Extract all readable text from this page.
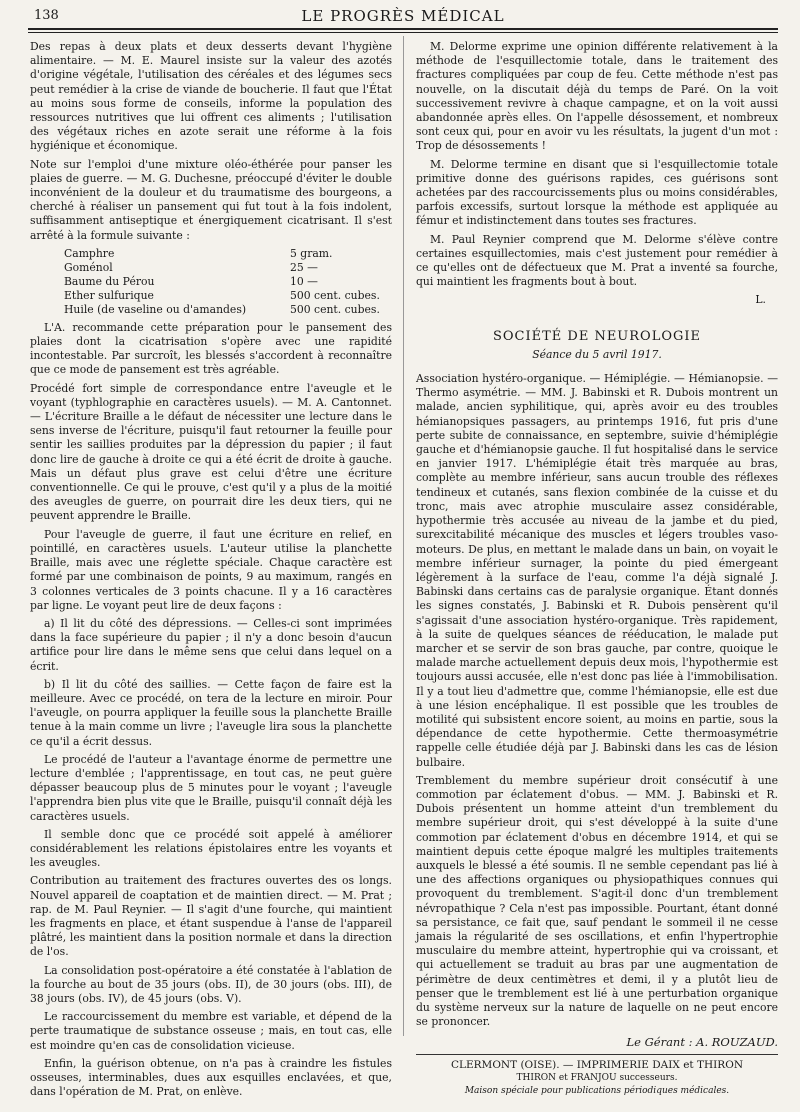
138	LE PROGRÈS MÉDICAL

Des repas à deux plats et deux desserts devant l'hygiène alimentaire. — M. E. Maurel insiste sur la valeur des azotés d'origine végétale, l'utilisation des céréales et des légumes secs peut remédier à la crise de viande de boucherie. Il faut que l'État au moins sous forme de conseils, informe la population des ressources nutritives que lui offrent ces aliments ; l'utilisation des végétaux riches en azote serait une réforme à la fois hygiénique et économique.

Note sur l'emploi d'une mixture oléo-éthérée pour panser les plaies de guerre. — M. G. Duchesne, préoccupé d'éviter le double inconvénient de la douleur et du traumatisme des bourgeons, a cherché à réaliser un pansement qui fut tout à la fois indolent, suffisamment antiseptique et énergiquement cicatrisant. Il s'est arrêté à la formule suivante :

Camphre	5 gram.
Goménol	25 —
Baume du Pérou	10 —
Ether sulfurique	500 cent. cubes.
Huile (de vaseline ou d'amandes)	500 cent. cubes.

L'A. recommande cette préparation pour le pansement des plaies dont la cicatrisation s'opère avec une rapidité incontestable. Par surcroît, les blessés s'accordent à reconnaître que ce mode de pansement est très agréable.

Procédé fort simple de correspondance entre l'aveugle et le voyant (typhlographie en caractères usuels). — M. A. Cantonnet. — L'écriture Braille a le défaut de nécessiter une lecture dans le sens inverse de l'écriture, puisqu'il faut retourner la feuille pour sentir les saillies produites par la dépression du papier ; il faut donc lire de gauche à droite ce qui a été écrit de droite à gauche. Mais un défaut plus grave est celui d'être une écriture conventionnelle. Ce qui le prouve, c'est qu'il y a plus de la moitié des aveugles de guerre, on pourrait dire les deux tiers, qui ne peuvent apprendre le Braille.

Pour l'aveugle de guerre, il faut une écriture en relief, en pointillé, en caractères usuels. L'auteur utilise la planchette Braille, mais avec une réglette spéciale. Chaque caractère est formé par une combinaison de points, 9 au maximum, rangés en 3 colonnes verticales de 3 points chacune. Il y a 16 caractères par ligne. Le voyant peut lire de deux façons :

a) Il lit du côté des dépressions. — Celles-ci sont imprimées dans la face supérieure du papier ; il n'y a donc besoin d'aucun artifice pour lire dans le même sens que celui dans lequel on a écrit.

b) Il lit du côté des saillies. — Cette façon de faire est la meilleure. Avec ce procédé, on tera de la lecture en miroir. Pour l'aveugle, on pourra appliquer la feuille sous la planchette Braille tenue à la main comme un livre ; l'aveugle lira sous la planchette ce qu'il a écrit dessus.

Le procédé de l'auteur a l'avantage énorme de permettre une lecture d'emblée ; l'apprentissage, en tout cas, ne peut guère dépasser beaucoup plus de 5 minutes pour le voyant ; l'aveugle l'apprendra bien plus vite que le Braille, puisqu'il connaît déjà les caractères usuels.

Il semble donc que ce procédé soit appelé à améliorer considérablement les relations épistolaires entre les voyants et les aveugles.

Contribution au traitement des fractures ouvertes des os longs. Nouvel appareil de coaptation et de maintien direct. — M. Prat ; rap. de M. Paul Reynier. — Il s'agit d'une fourche, qui maintient les fragments en place, et étant suspendue à l'anse de l'appareil plâtré, les maintient dans la position normale et dans la direction de l'os.

La consolidation post-opératoire a été constatée à l'ablation de la fourche au bout de 35 jours (obs. II), de 30 jours (obs. III), de 38 jours (obs. IV), de 45 jours (obs. V).

Le raccourcissement du membre est variable, et dépend de la perte traumatique de substance osseuse ; mais, en tout cas, elle est moindre qu'en cas de consolidation vicieuse.

Enfin, la guérison obtenue, on n'a pas à craindre les fistules osseuses, interminables, dues aux esquilles enclavées, et que, dans l'opération de M. Prat, on enlève.

M. Delorme exprime une opinion différente relativement à la méthode de l'esquillectomie totale, dans le traitement des fractures compliquées par coup de feu. Cette méthode n'est pas nouvelle, on la discutait déjà du temps de Paré. On la voit successivement revivre à chaque campagne, et on la voit aussi abandonnée après elles. On l'appelle désossement, et nombreux sont ceux qui, pour en avoir vu les résultats, la jugent d'un mot : Trop de désossements !

M. Delorme termine en disant que si l'esquillectomie totale primitive donne des guérisons rapides, ces guérisons sont achetées par des raccourcissements plus ou moins considérables, parfois excessifs, surtout lorsque la méthode est appliquée au fémur et indistinctement dans toutes ses fractures.

M. Paul Reynier comprend que M. Delorme s'élève contre certaines esquillectomies, mais c'est justement pour remédier à ce qu'elles ont de défectueux que M. Prat a inventé sa fourche, qui maintient les fragments bout à bout.

L.
SOCIÉTÉ DE NEUROLOGIE
Séance du 5 avril 1917.

Association hystéro-organique. — Hémiplégie. — Hémianopsie. — Thermo asymétrie. — MM. J. Babinski et R. Dubois montrent un malade, ancien syphilitique, qui, après avoir eu des troubles hémianopsiques passagers, au printemps 1916, fut pris d'une perte subite de connaissance, en septembre, suivie d'hémiplégie gauche et d'hémianopsie gauche. Il fut hospitalisé dans le service en janvier 1917. L'hémiplégie était très marquée au bras, complète au membre inférieur, sans aucun trouble des réflexes tendineux et cutanés, sans flexion combinée de la cuisse et du tronc, mais avec atrophie musculaire assez considérable, hypothermie très accusée au niveau de la jambe et du pied, surexcitabilité mécanique des muscles et légers troubles vaso-moteurs. De plus, en mettant le malade dans un bain, on voyait le membre inférieur surnager, la pointe du pied émergeant légèrement à la surface de l'eau, comme l'a déjà signalé J. Babinski dans certains cas de paralysie organique. Étant donnés les signes constatés, J. Babinski et R. Dubois pensèrent qu'il s'agissait d'une association hystéro-organique. Très rapidement, à la suite de quelques séances de rééducation, le malade put marcher et se servir de son bras gauche, par contre, quoique le malade marche actuellement depuis deux mois, l'hypothermie est toujours aussi accusée, elle n'est donc pas liée à l'immobilisation. Il y a tout lieu d'admettre que, comme l'hémianopsie, elle est due à une lésion encéphalique. Il est possible que les troubles de motilité qui subsistent encore soient, au moins en partie, sous la dépendance de cette hypothermie. Cette thermoasymétrie rappelle celle étudiée déjà par J. Babinski dans les cas de lésion bulbaire.

Tremblement du membre supérieur droit consécutif à une commotion par éclatement d'obus. — MM. J. Babinski et R. Dubois présentent un homme atteint d'un tremblement du membre supérieur droit, qui s'est développé à la suite d'une commotion par éclatement d'obus en décembre 1914, et qui se maintient depuis cette époque malgré les multiples traitements auxquels le blessé a été soumis. Il ne semble cependant pas lié à une des affections organiques ou physiopathiques connues qui provoquent du tremblement. S'agit-il donc d'un tremblement névropathique ? Cela n'est pas impossible. Pourtant, étant donné sa persistance, ce fait que, sauf pendant le sommeil il ne cesse jamais la régularité de ses oscillations, et enfin l'hypertrophie musculaire du membre atteint, hypertrophie qui va croissant, et qui actuellement se traduit au bras par une augmentation de périmètre de deux centimètres et demi, il y a plutôt lieu de penser que le tremblement est lié à une perturbation organique du système nerveux sur la nature de laquelle on ne peut encore se prononcer.

Le Gérant : A. ROUZAUD.
CLERMONT (OISE). — IMPRIMERIE DAIX et THIRON
THIRON et FRANJOU successeurs.
Maison spéciale pour publications périodiques médicales.
